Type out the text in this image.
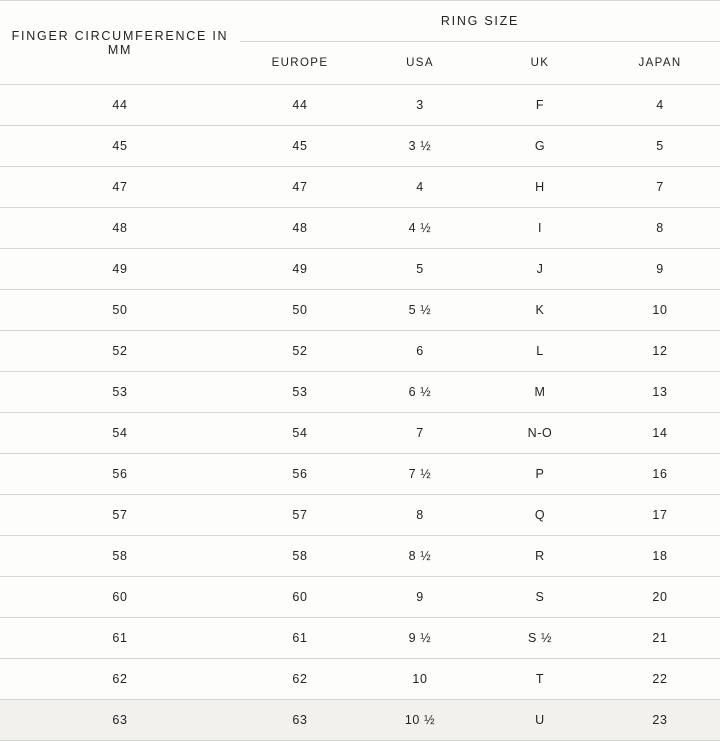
FINGER CIRCUMFERENCE IN MM	RING SIZE			
	EUROPE	USA	UK	JAPAN
44	44	3	F	4
45	45	3 ½	G	5
47	47	4	H	7
48	48	4 ½	I	8
49	49	5	J	9
50	50	5 ½	K	10
52	52	6	L	12
53	53	6 ½	M	13
54	54	7	N-O	14
56	56	7 ½	P	16
57	57	8	Q	17
58	58	8 ½	R	18
60	60	9	S	20
61	61	9 ½	S ½	21
62	62	10	T	22
63	63	10 ½	U	23
